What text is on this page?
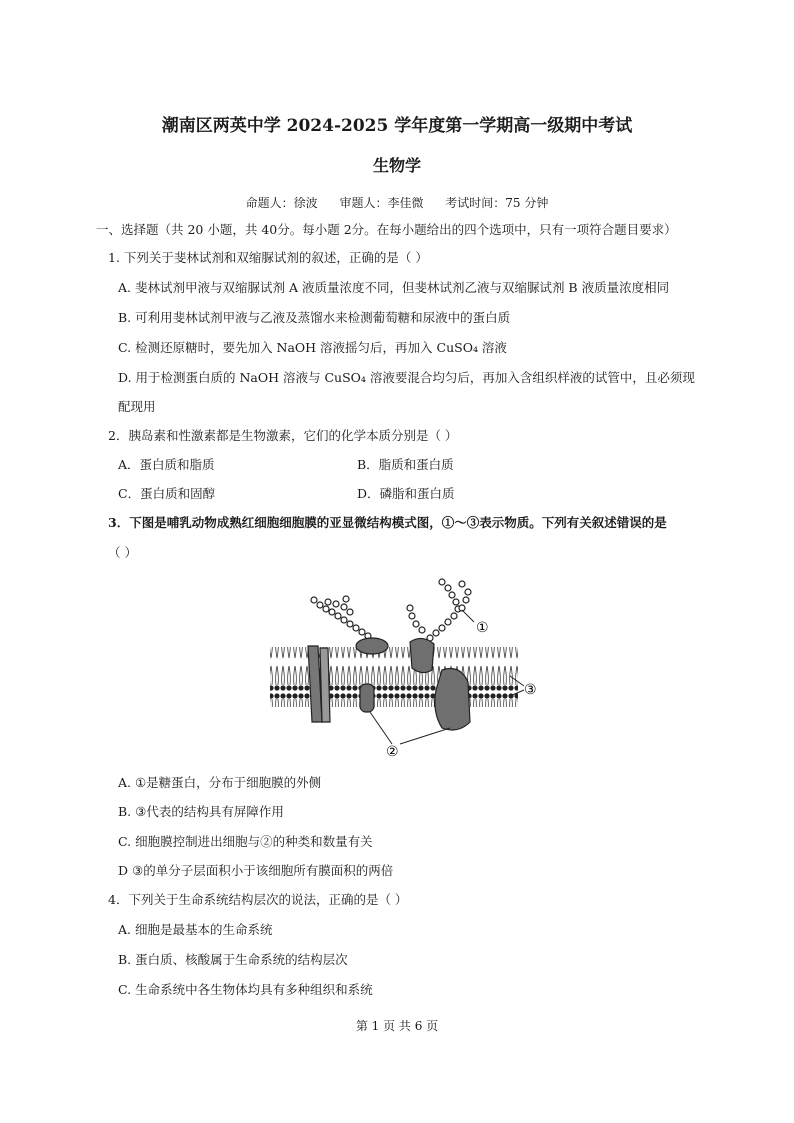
潮南区两英中学 2024-2025 学年度第一学期高一级期中考试
生物学
命题人：徐波 审题人：李佳微 考试时间：75 分钟
一、选择题（共 20 小题，共 40分。每小题 2分。在每小题给出的四个选项中，只有一项符合题目要求）
1. 下列关于斐林试剂和双缩脲试剂的叙述，正确的是（ ）
A. 斐林试剂甲液与双缩脲试剂 A 液质量浓度不同，但斐林试剂乙液与双缩脲试剂 B 液质量浓度相同
B. 可利用斐林试剂甲液与乙液及蒸馏水来检测葡萄糖和尿液中的蛋白质
C. 检测还原糖时，要先加入 NaOH 溶液摇匀后，再加入 CuSO₄ 溶液
D. 用于检测蛋白质的 NaOH 溶液与 CuSO₄ 溶液要混合均匀后，再加入含组织样液的试管中，且必须现
配现用
2．胰岛素和性激素都是生物激素，它们的化学本质分别是（ ）
A．蛋白质和脂质	B．脂质和蛋白质
C．蛋白质和固醇	D．磷脂和蛋白质
3．下图是哺乳动物成熟红细胞细胞膜的亚显微结构模式图，①～③表示物质。下列有关叙述错误的是
（ ）
①
②
③
A. ①是糖蛋白，分布于细胞膜的外侧
B. ③代表的结构具有屏障作用
C. 细胞膜控制进出细胞与②的种类和数量有关
D ③的单分子层面积小于该细胞所有膜面积的两倍
4．下列关于生命系统结构层次的说法，正确的是（ ）
A. 细胞是最基本的生命系统
B. 蛋白质、核酸属于生命系统的结构层次
C. 生命系统中各生物体均具有多种组织和系统
第 1 页 共 6 页
